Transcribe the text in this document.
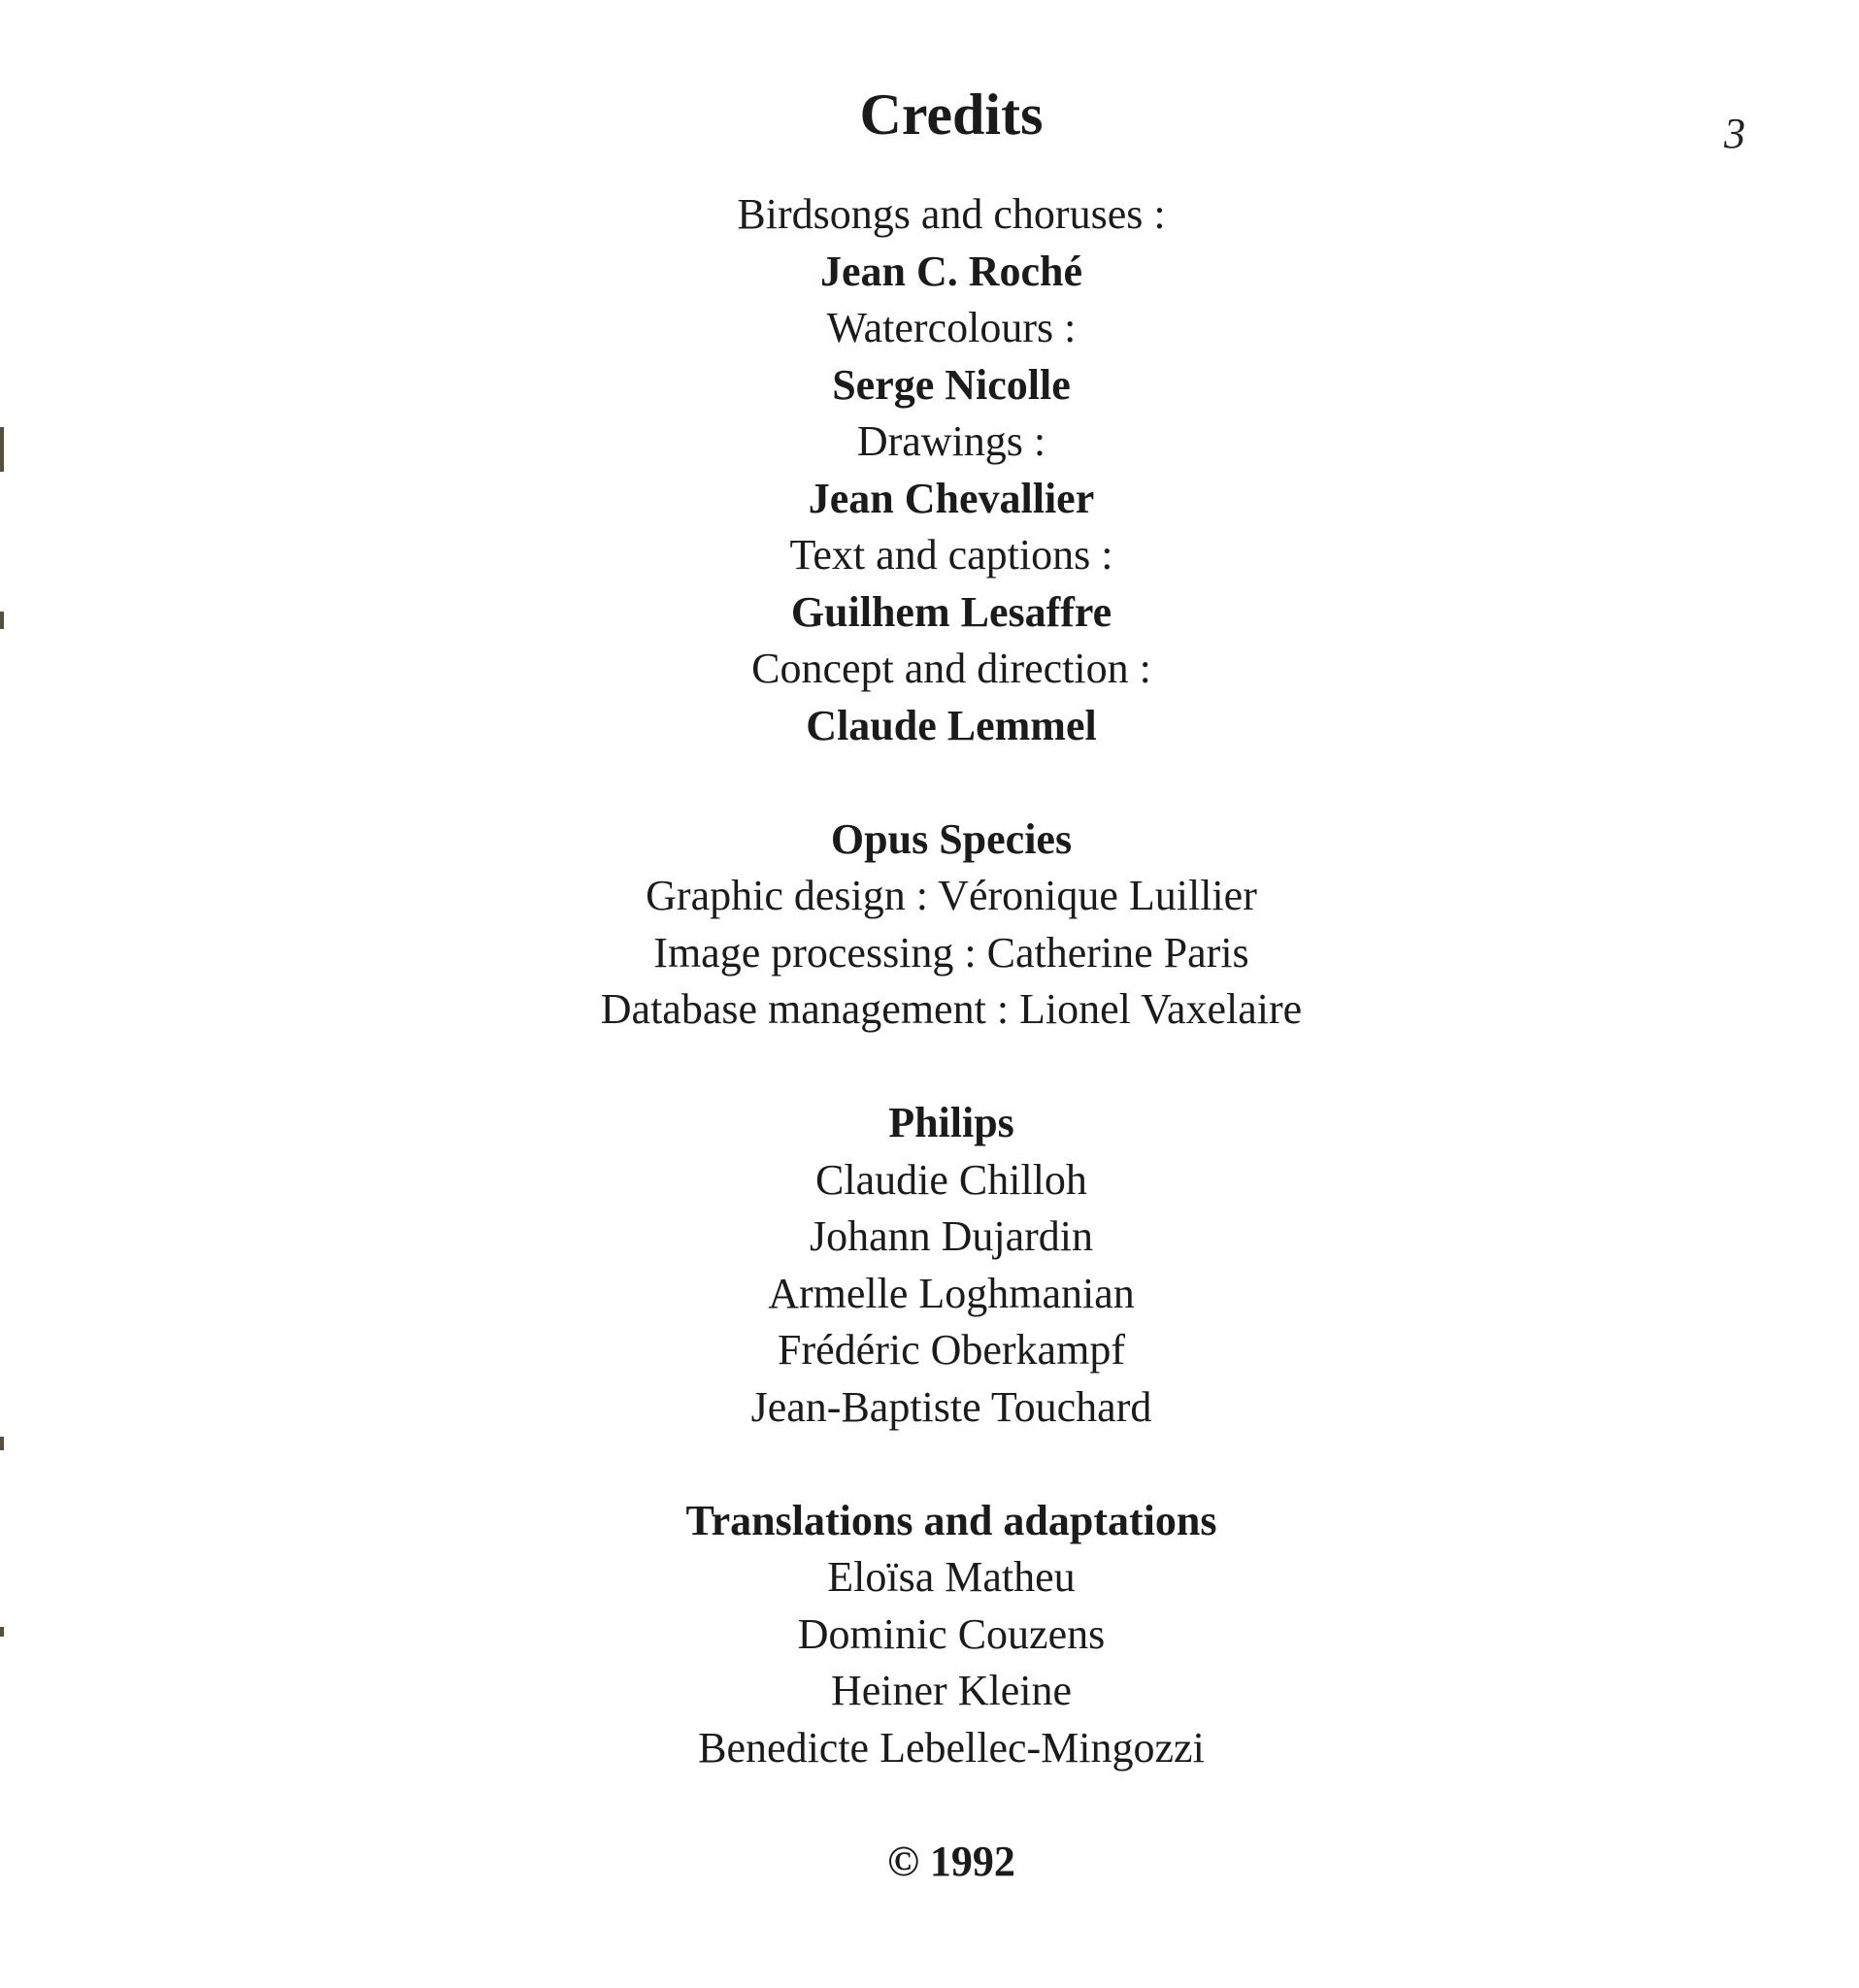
3
Credits
Birdsongs and choruses :
Jean C. Roché
Watercolours :
Serge Nicolle
Drawings :
Jean Chevallier
Text and captions :
Guilhem Lesaffre
Concept and direction :
Claude Lemmel
Opus Species
Graphic design : Véronique Luillier
Image processing : Catherine Paris
Database management : Lionel Vaxelaire
Philips
Claudie Chilloh
Johann Dujardin
Armelle Loghmanian
Frédéric Oberkampf
Jean-Baptiste Touchard
Translations and adaptations
Eloïsa Matheu
Dominic Couzens
Heiner Kleine
Benedicte Lebellec-Mingozzi
© 1992
